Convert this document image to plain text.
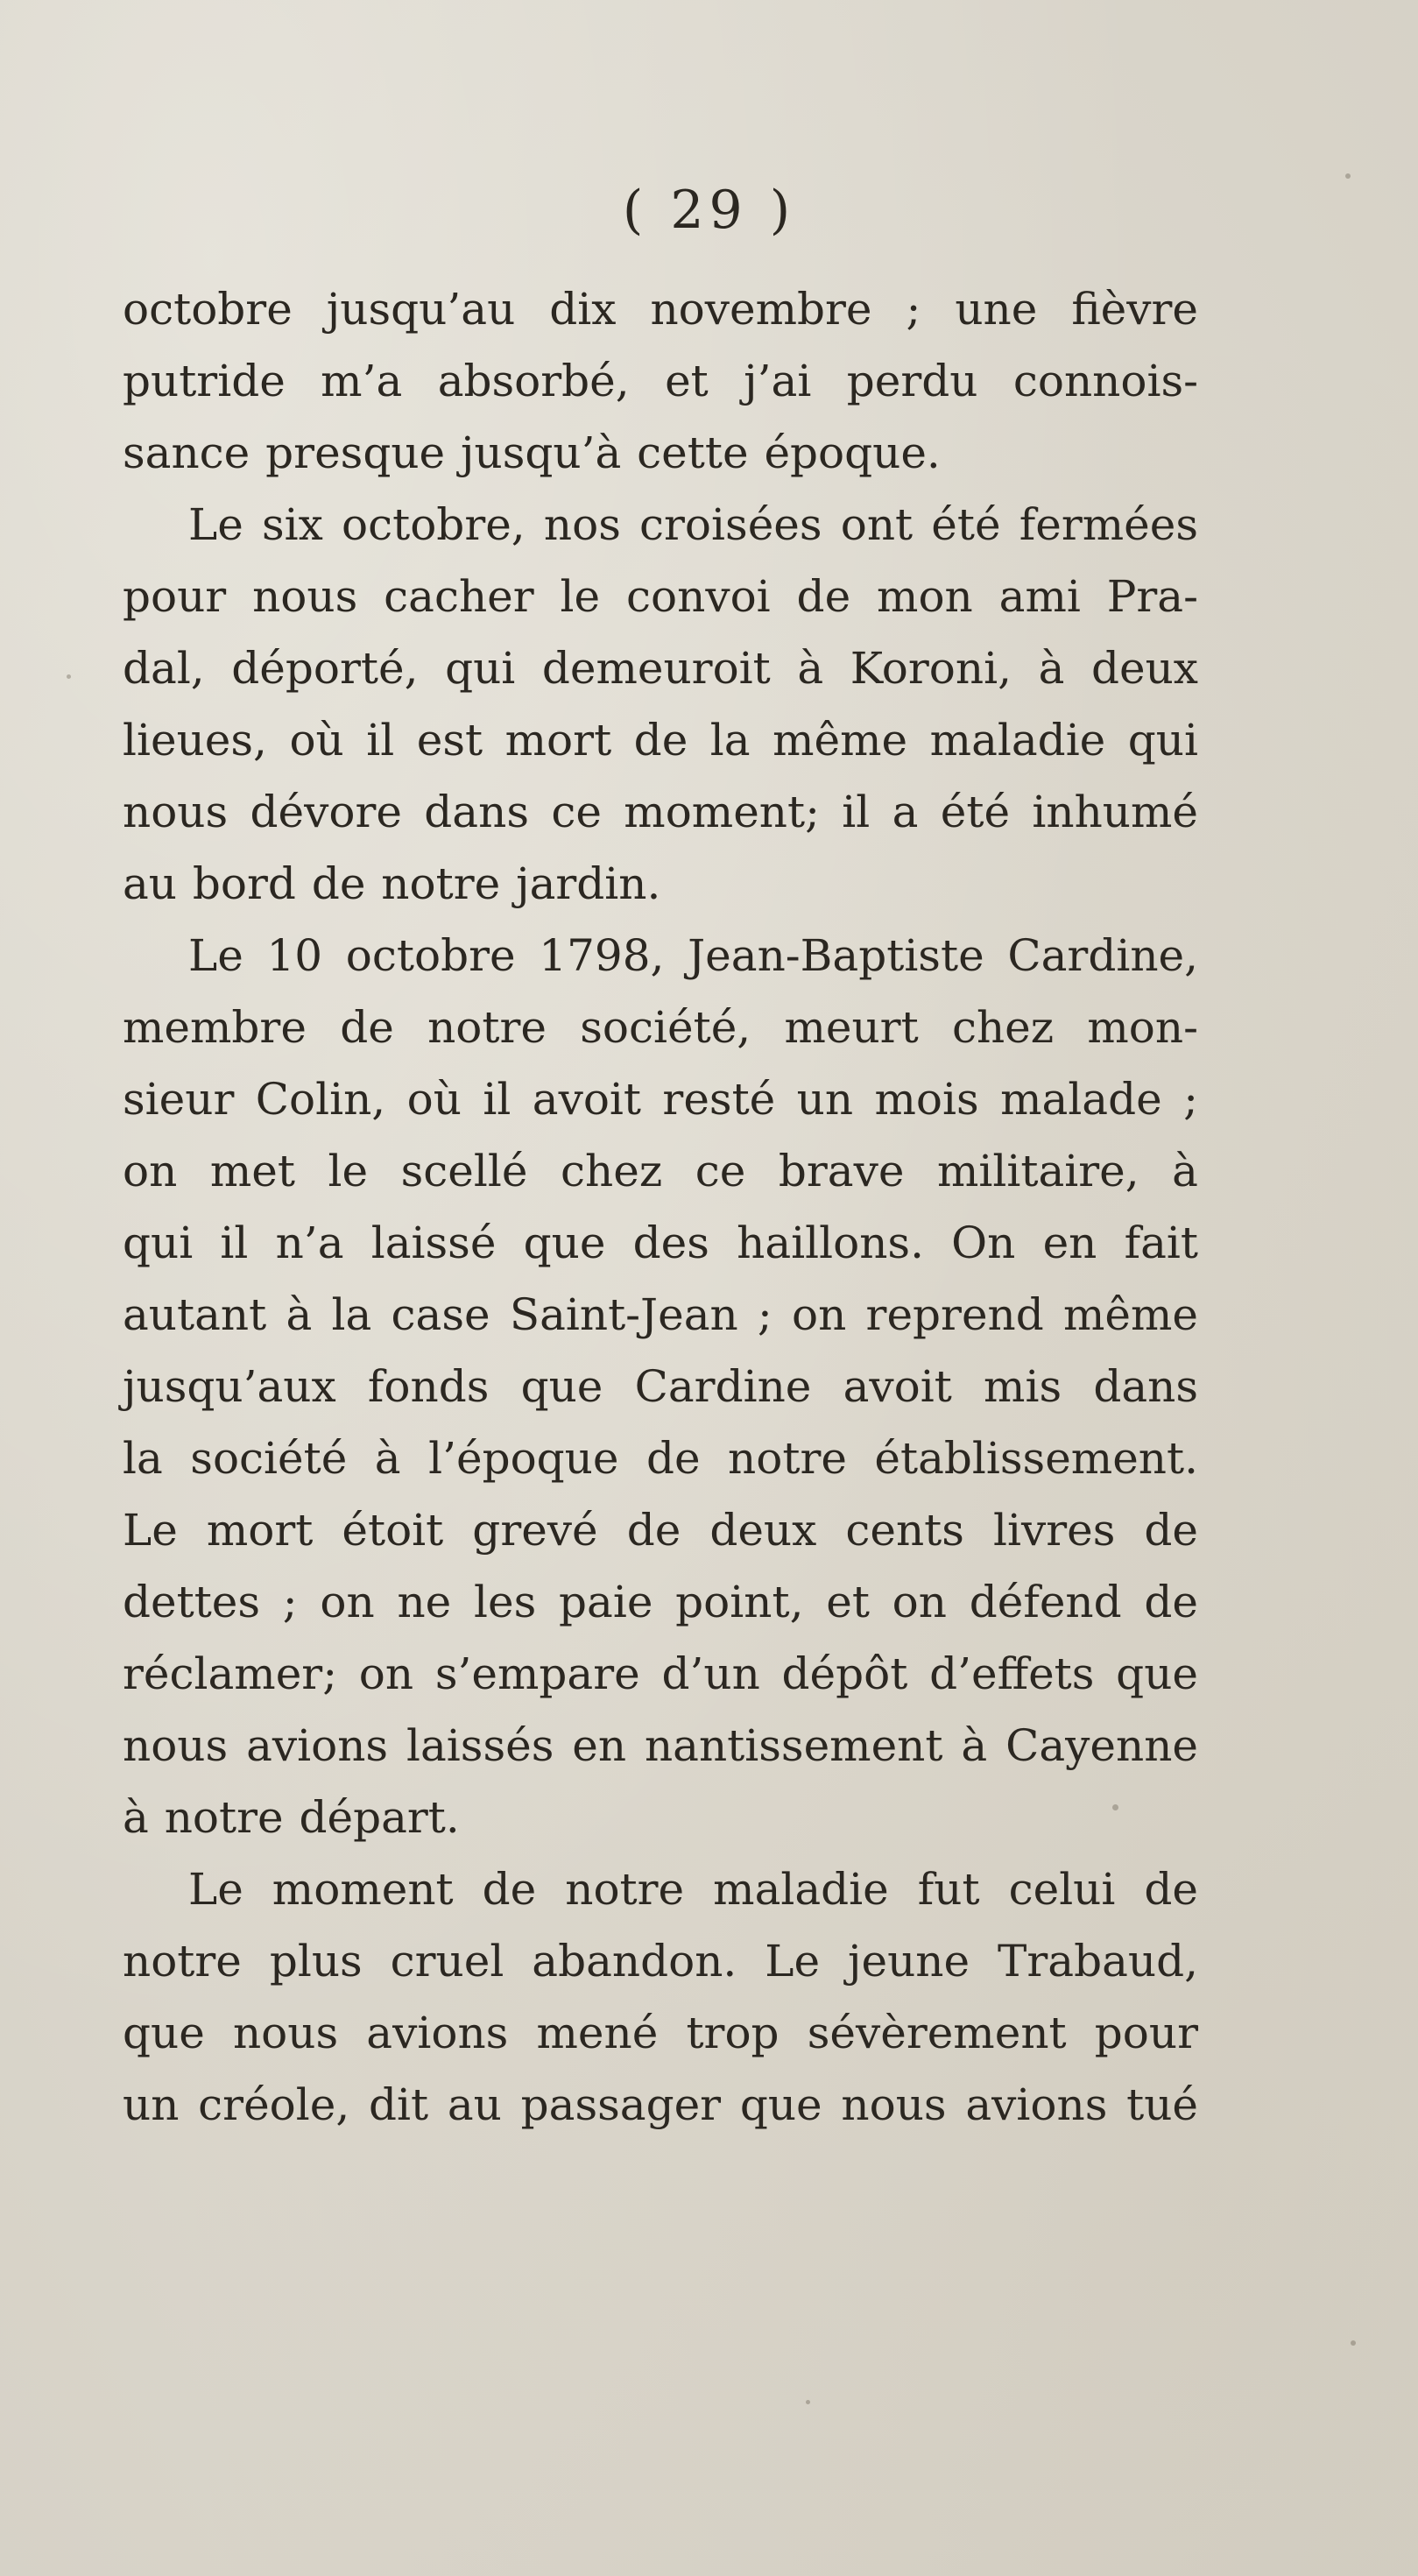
( 29 )
octobre jusqu’au dix novembre ; une fièvre
putride m’a absorbé, et j’ai perdu connois-
sance presque jusqu’à cette époque.
Le six octobre, nos croisées ont été fermées
pour nous cacher le convoi de mon ami Pra-
dal, déporté, qui demeuroit à Koroni, à deux
lieues, où il est mort de la même maladie qui
nous dévore dans ce moment; il a été inhumé
au bord de notre jardin.
Le 10 octobre 1798, Jean-Baptiste Cardine,
membre de notre société, meurt chez mon-
sieur Colin, où il avoit resté un mois malade ;
on met le scellé chez ce brave militaire, à
qui il n’a laissé que des haillons. On en fait
autant à la case Saint-Jean ; on reprend même
jusqu’aux fonds que Cardine avoit mis dans
la société à l’époque de notre établissement.
Le mort étoit grevé de deux cents livres de
dettes ; on ne les paie point, et on défend de
réclamer; on s’empare d’un dépôt d’effets que
nous avions laissés en nantissement à Cayenne
à notre départ.
Le moment de notre maladie fut celui de
notre plus cruel abandon. Le jeune Trabaud,
que nous avions mené trop sévèrement pour
un créole, dit au passager que nous avions tué
